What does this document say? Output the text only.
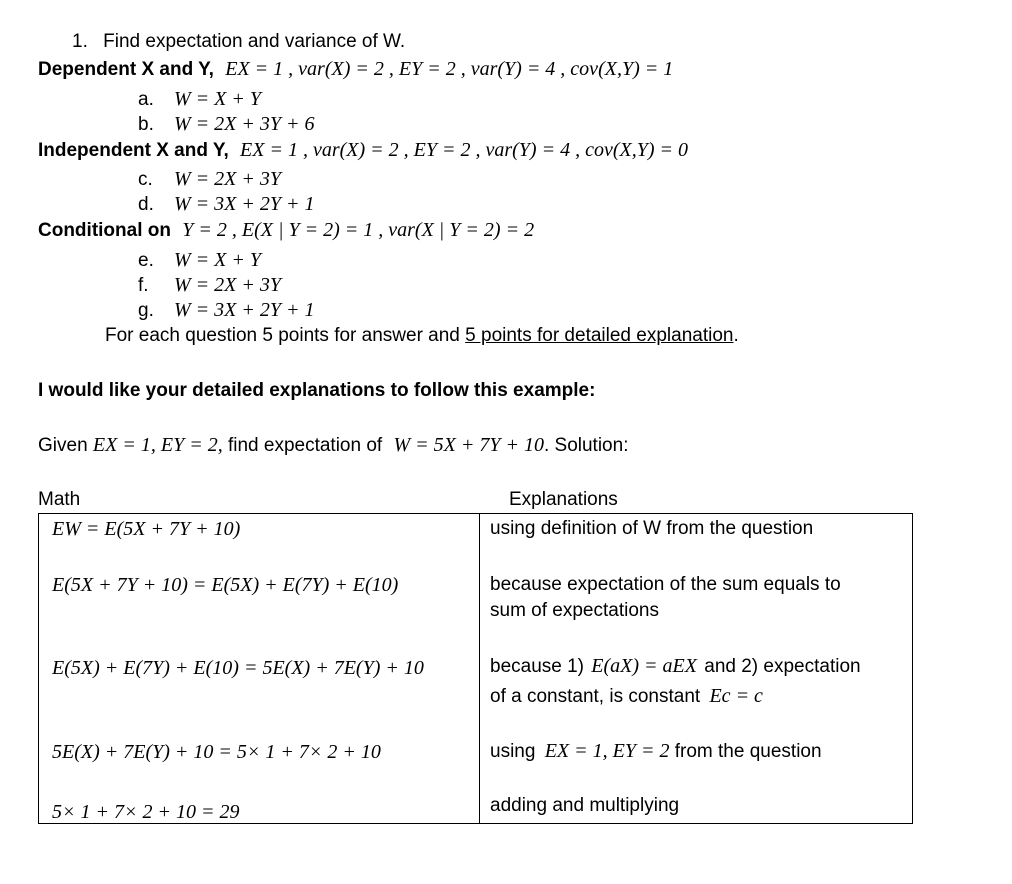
1. Find expectation and variance of W.
Dependent X and Y, EX = 1 , var(X) = 2 , EY = 2 , var(Y) = 4 , cov(X,Y) = 1
a. W = X + Y
b. W = 2X + 3Y + 6
Independent X and Y, EX = 1 , var(X) = 2 , EY = 2 , var(Y) = 4 , cov(X,Y) = 0
c. W = 2X + 3Y
d. W = 3X + 2Y + 1
Conditional on Y = 2 , E(X | Y = 2) = 1 , var(X | Y = 2) = 2
e. W = X + Y
f. W = 2X + 3Y
g. W = 3X + 2Y + 1
For each question 5 points for answer and 5 points for detailed explanation.
I would like your detailed explanations to follow this example:
Given EX = 1, EY = 2, find expectation of W = 5X + 7Y + 10. Solution:
Math	Explanations
EW = E(5X + 7Y + 10)	using definition of W from the question
E(5X + 7Y + 10) = E(5X) + E(7Y) + E(10)	because expectation of the sum equals to
sum of expectations
E(5X) + E(7Y) + E(10) = 5E(X) + 7E(Y) + 10	because 1) E(aX) = aEX and 2) expectation
of a constant, is constant Ec = c
5E(X) + 7E(Y) + 10 = 5× 1 + 7× 2 + 10	using EX = 1, EY = 2 from the question
5× 1 + 7× 2 + 10 = 29	adding and multiplying
